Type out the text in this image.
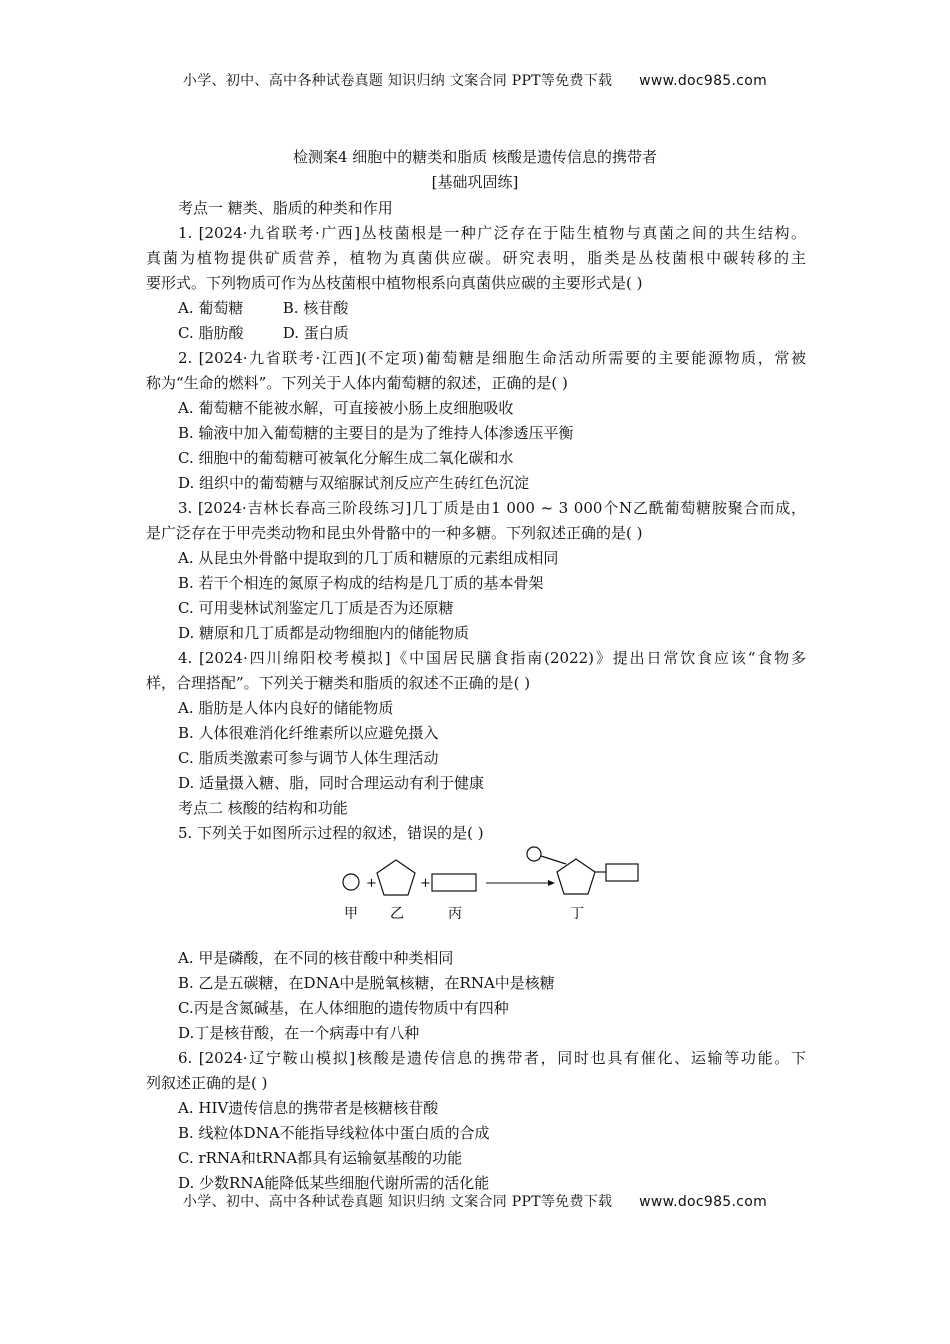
小学、初中、高中各种试卷真题 知识归纳 文案合同 PPT等免费下载 www.doc985.com
检测案4 细胞中的糖类和脂质 核酸是遗传信息的携带者
[基础巩固练]
考点一 糖类、脂质的种类和作用
1. [2024·九省联考·广西]丛枝菌根是一种广泛存在于陆生植物与真菌之间的共生结构。
真菌为植物提供矿质营养，植物为真菌供应碳。研究表明，脂类是丛枝菌根中碳转移的主
要形式。下列物质可作为丛枝菌根中植物根系向真菌供应碳的主要形式是( )
A. 葡萄糖	B. 核苷酸
C. 脂肪酸	D. 蛋白质
2. [2024·九省联考·江西](不定项)葡萄糖是细胞生命活动所需要的主要能源物质，常被
称为“生命的燃料”。下列关于人体内葡萄糖的叙述，正确的是( )
A. 葡萄糖不能被水解，可直接被小肠上皮细胞吸收
B. 输液中加入葡萄糖的主要目的是为了维持人体渗透压平衡
C. 细胞中的葡萄糖可被氧化分解生成二氧化碳和水
D. 组织中的葡萄糖与双缩脲试剂反应产生砖红色沉淀
3. [2024·吉林长春高三阶段练习]几丁质是由1 000 ~ 3 000个N乙酰葡萄糖胺聚合而成，
是广泛存在于甲壳类动物和昆虫外骨骼中的一种多糖。下列叙述正确的是( )
A. 从昆虫外骨骼中提取到的几丁质和糖原的元素组成相同
B. 若干个相连的氮原子构成的结构是几丁质的基本骨架
C. 可用斐林试剂鉴定几丁质是否为还原糖
D. 糖原和几丁质都是动物细胞内的储能物质
4. [2024·四川绵阳校考模拟]《中国居民膳食指南(2022)》提出日常饮食应该“食物多
样，合理搭配”。下列关于糖类和脂质的叙述不正确的是( )
A. 脂肪是人体内良好的储能物质
B. 人体很难消化纤维素所以应避免摄入
C. 脂质类激素可参与调节人体生理活动
D. 适量摄入糖、脂，同时合理运动有利于健康
考点二 核酸的结构和功能
5. 下列关于如图所示过程的叙述，错误的是( )
+	+
甲 乙	丙	丁
A. 甲是磷酸，在不同的核苷酸中种类相同
B. 乙是五碳糖，在DNA中是脱氧核糖，在RNA中是核糖
C.丙是含氮碱基，在人体细胞的遗传物质中有四种
D.丁是核苷酸，在一个病毒中有八种
6. [2024·辽宁鞍山模拟]核酸是遗传信息的携带者，同时也具有催化、运输等功能。下
列叙述正确的是( )
A. HIV遗传信息的携带者是核糖核苷酸
B. 线粒体DNA不能指导线粒体中蛋白质的合成
C. rRNA和tRNA都具有运输氨基酸的功能
D. 少数RNA能降低某些细胞代谢所需的活化能
小学、初中、高中各种试卷真题 知识归纳 文案合同 PPT等免费下载 www.doc985.com
